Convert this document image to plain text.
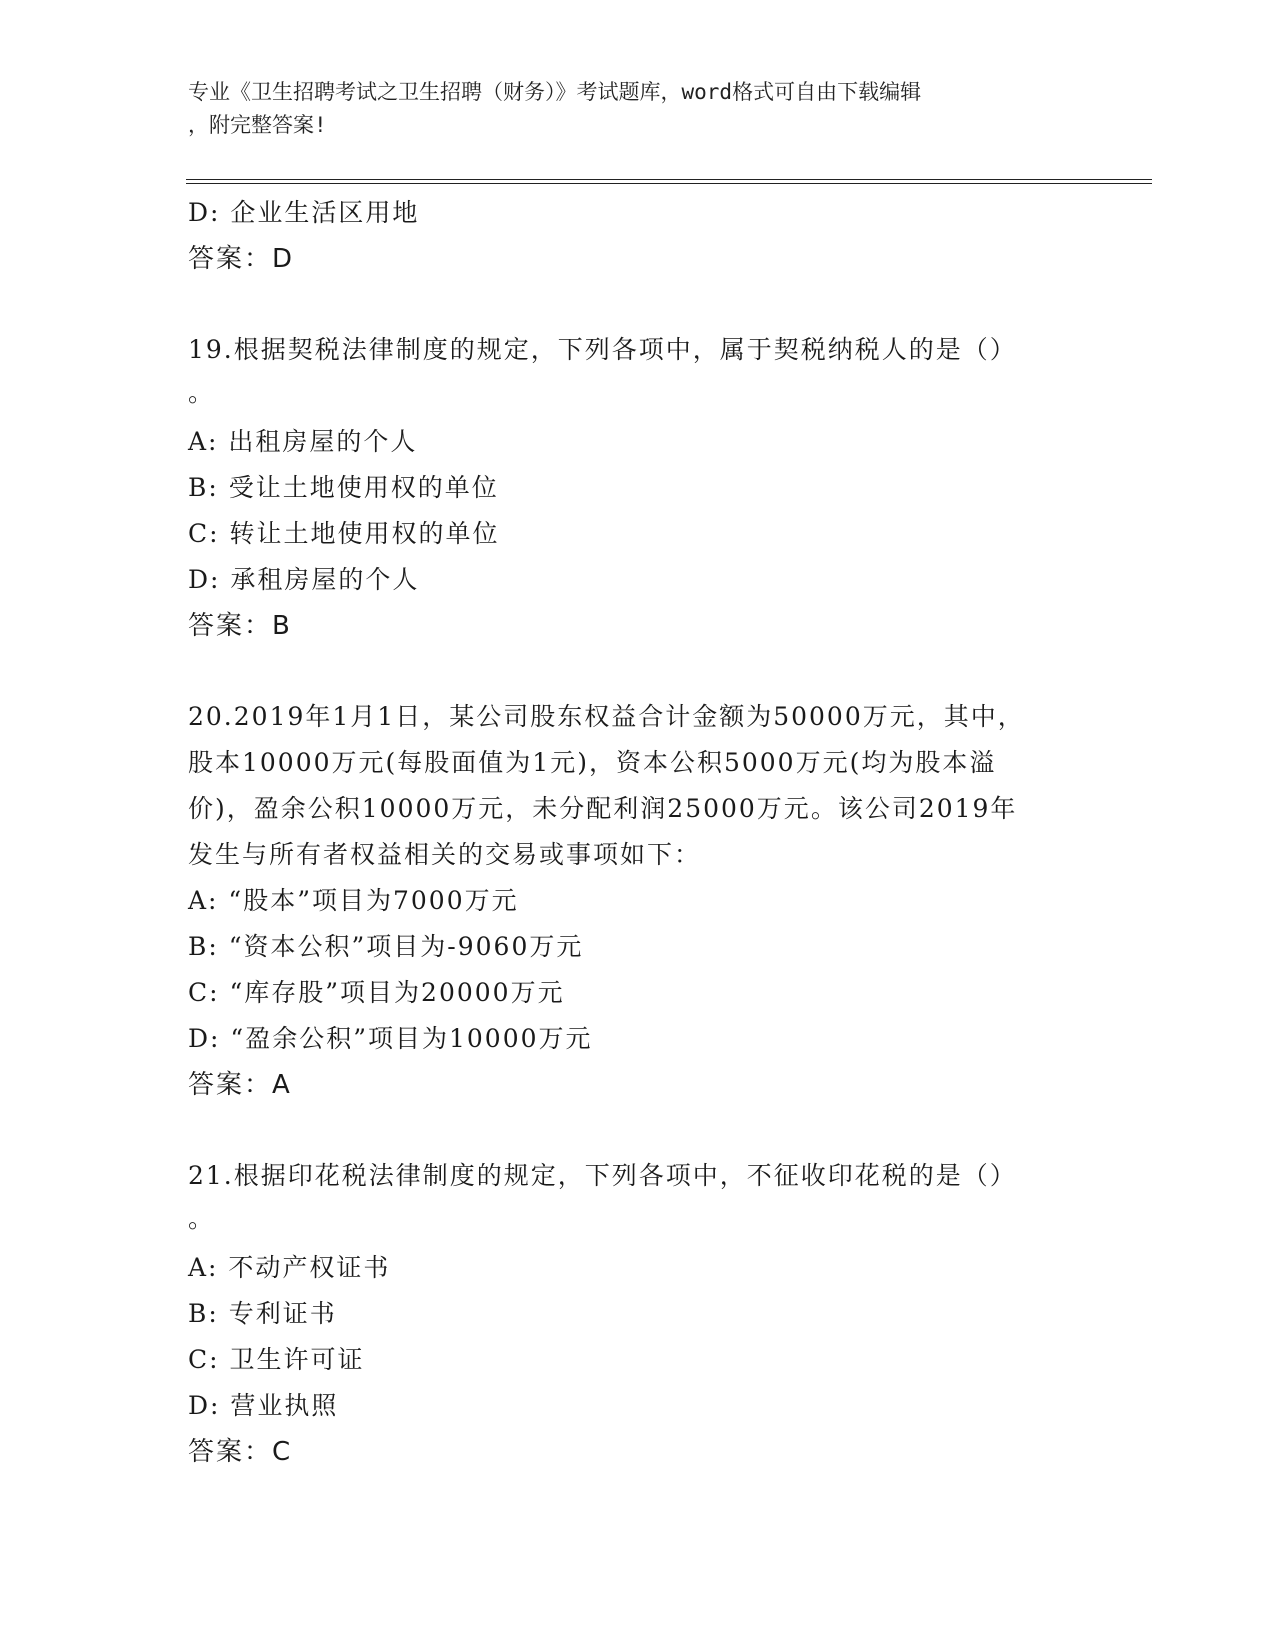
专业《卫生招聘考试之卫生招聘（财务）》考试题库，word格式可自由下载编辑
，附完整答案!
D: 企业生活区用地
答案：D
19.根据契税法律制度的规定，下列各项中，属于契税纳税人的是（）
。
A: 出租房屋的个人
B: 受让土地使用权的单位
C: 转让土地使用权的单位
D: 承租房屋的个人
答案：B
20.2019年1月1日，某公司股东权益合计金额为50000万元，其中，
股本10000万元(每股面值为1元)，资本公积5000万元(均为股本溢
价)，盈余公积10000万元，未分配利润25000万元。该公司2019年
发生与所有者权益相关的交易或事项如下：
A: “股本”项目为7000万元
B: “资本公积”项目为-9060万元
C: “库存股”项目为20000万元
D: “盈余公积”项目为10000万元
答案：A
21.根据印花税法律制度的规定，下列各项中，不征收印花税的是（）
。
A: 不动产权证书
B: 专利证书
C: 卫生许可证
D: 营业执照
答案：C
